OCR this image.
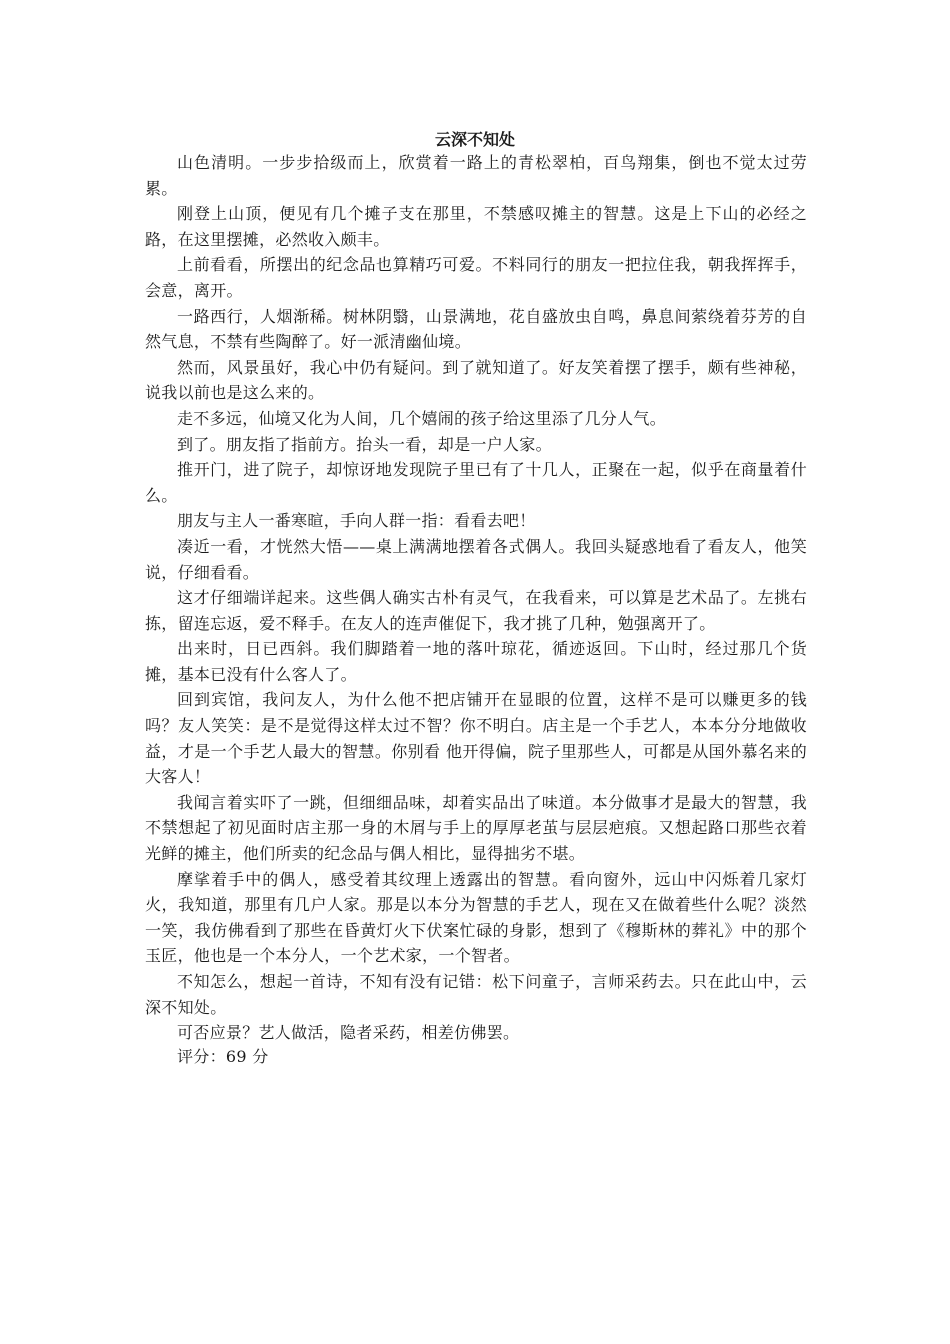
云深不知处

山色清明。一步步拾级而上，欣赏着一路上的青松翠柏，百鸟翔集，倒也不觉太过劳累。

刚登上山顶，便见有几个摊子支在那里，不禁感叹摊主的智慧。这是上下山的必经之路，在这里摆摊，必然收入颇丰。

上前看看，所摆出的纪念品也算精巧可爱。不料同行的朋友一把拉住我，朝我挥挥手，会意，离开。

一路西行，人烟渐稀。树林阴翳，山景满地，花自盛放虫自鸣，鼻息间萦绕着芬芳的自然气息，不禁有些陶醉了。好一派清幽仙境。

然而，风景虽好，我心中仍有疑问。到了就知道了。好友笑着摆了摆手，颇有些神秘，说我以前也是这么来的。

走不多远，仙境又化为人间，几个嬉闹的孩子给这里添了几分人气。

到了。朋友指了指前方。抬头一看，却是一户人家。

推开门，进了院子，却惊讶地发现院子里已有了十几人，正聚在一起，似乎在商量着什么。

朋友与主人一番寒暄，手向人群一指：看看去吧！

凑近一看，才恍然大悟——桌上满满地摆着各式偶人。我回头疑惑地看了看友人，他笑说，仔细看看。

这才仔细端详起来。这些偶人确实古朴有灵气，在我看来，可以算是艺术品了。左挑右拣，留连忘返，爱不释手。在友人的连声催促下，我才挑了几种，勉强离开了。

出来时，日已西斜。我们脚踏着一地的落叶琼花，循迹返回。下山时，经过那几个货摊，基本已没有什么客人了。

回到宾馆，我问友人，为什么他不把店铺开在显眼的位置，这样不是可以赚更多的钱吗？友人笑笑：是不是觉得这样太过不智？你不明白。店主是一个手艺人，本本分分地做收益，才是一个手艺人最大的智慧。你别看 他开得偏，院子里那些人，可都是从国外慕名来的大客人！

我闻言着实吓了一跳，但细细品味，却着实品出了味道。本分做事才是最大的智慧，我不禁想起了初见面时店主那一身的木屑与手上的厚厚老茧与层层疤痕。又想起路口那些衣着光鲜的摊主，他们所卖的纪念品与偶人相比，显得拙劣不堪。

摩挲着手中的偶人，感受着其纹理上透露出的智慧。看向窗外，远山中闪烁着几家灯火，我知道，那里有几户人家。那是以本分为智慧的手艺人，现在又在做着些什么呢？淡然一笑，我仿佛看到了那些在昏黄灯火下伏案忙碌的身影，想到了《穆斯林的葬礼》中的那个玉匠，他也是一个本分人，一个艺术家，一个智者。

不知怎么，想起一首诗，不知有没有记错：松下问童子，言师采药去。只在此山中，云深不知处。

可否应景？艺人做活，隐者采药，相差仿佛罢。

评分：69 分
